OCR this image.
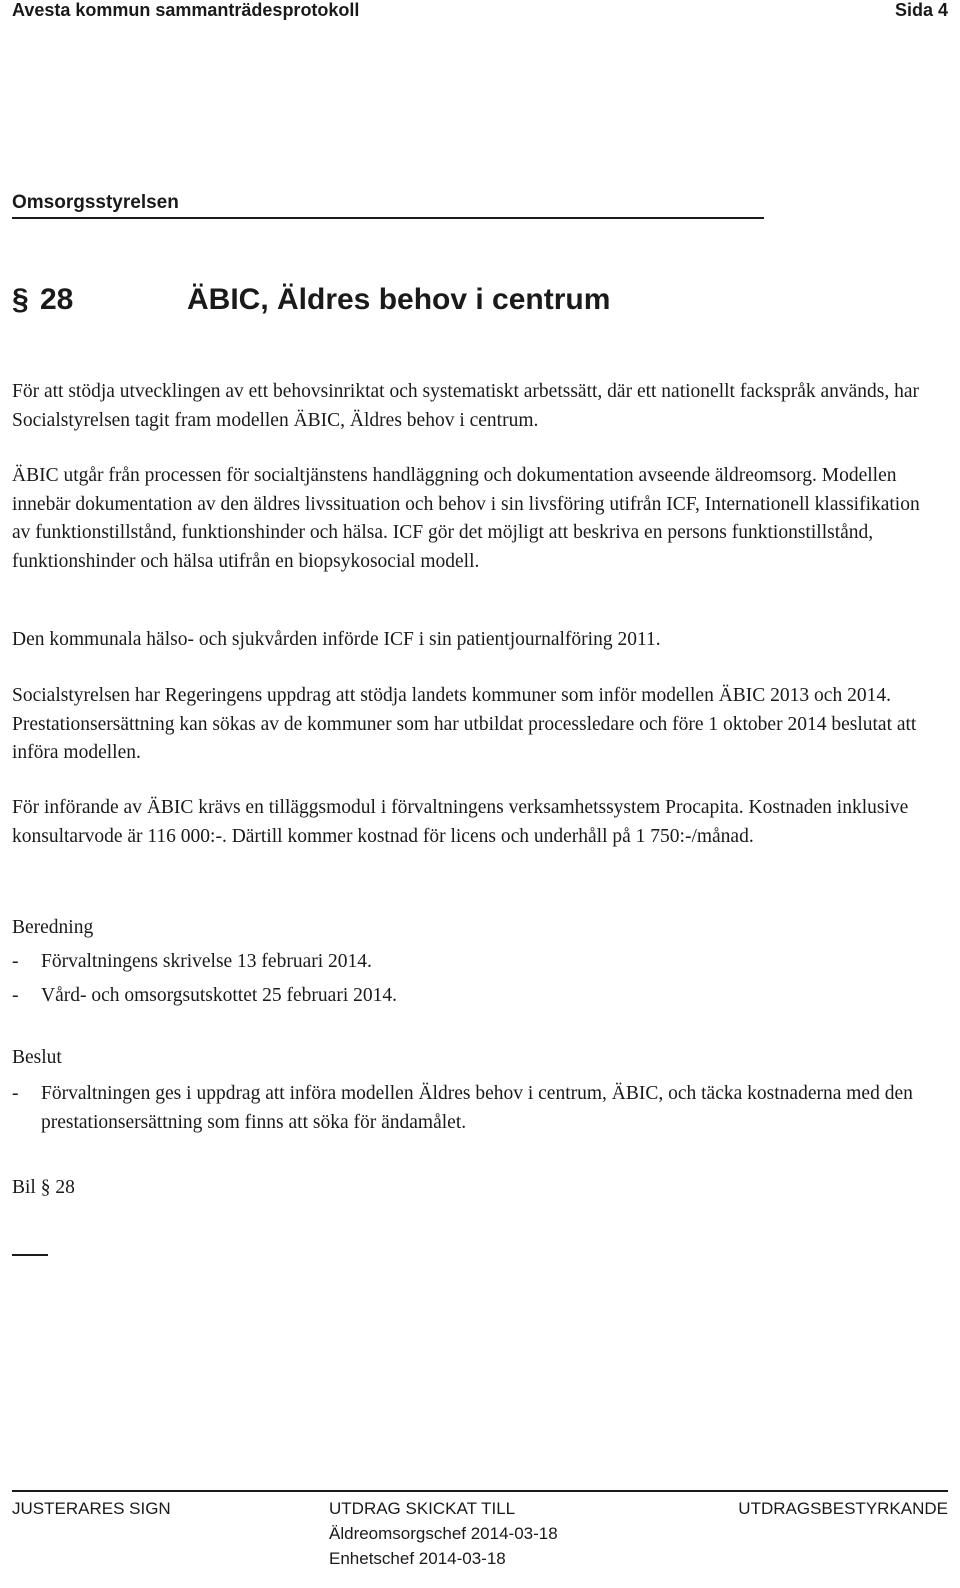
Avesta kommun sammanträdesprotokoll	Sida 4
Omsorgsstyrelsen
§ 28	ÄBIC, Äldres behov i centrum
För att stödja utvecklingen av ett behovsinriktat och systematiskt arbetssätt, där ett nationellt fackspråk används, har Socialstyrelsen tagit fram modellen ÄBIC, Äldres behov i centrum.
ÄBIC utgår från processen för socialtjänstens handläggning och dokumentation avseende äldreomsorg. Modellen innebär dokumentation av den äldres livssituation och behov i sin livsföring utifrån ICF, Internationell klassifikation av funktionstillstånd, funktionshinder och hälsa. ICF gör det möjligt att beskriva en persons funktionstillstånd, funktionshinder och hälsa utifrån en biopsykosocial modell.
Den kommunala hälso- och sjukvården införde ICF i sin patientjournalföring 2011.
Socialstyrelsen har Regeringens uppdrag att stödja landets kommuner som inför modellen ÄBIC 2013 och 2014. Prestationsersättning kan sökas av de kommuner som har utbildat processledare och före 1 oktober 2014 beslutat att införa modellen.
För införande av ÄBIC krävs en tilläggsmodul i förvaltningens verksamhetssystem Procapita. Kostnaden inklusive konsultarvode är 116 000:-. Därtill kommer kostnad för licens och underhåll på 1 750:-/månad.
Beredning
- Förvaltningens skrivelse 13 februari 2014.
- Vård- och omsorgsutskottet 25 februari 2014.
Beslut
- Förvaltningen ges i uppdrag att införa modellen Äldres behov i centrum, ÄBIC, och täcka kostnaderna med den prestationsersättning som finns att söka för ändamålet.
Bil § 28
JUSTERARES SIGN	UTDRAG SKICKAT TILL
Äldreomsorgschef 2014-03-18
Enhetschef 2014-03-18
UTDRAGSBESTYRKANDE
